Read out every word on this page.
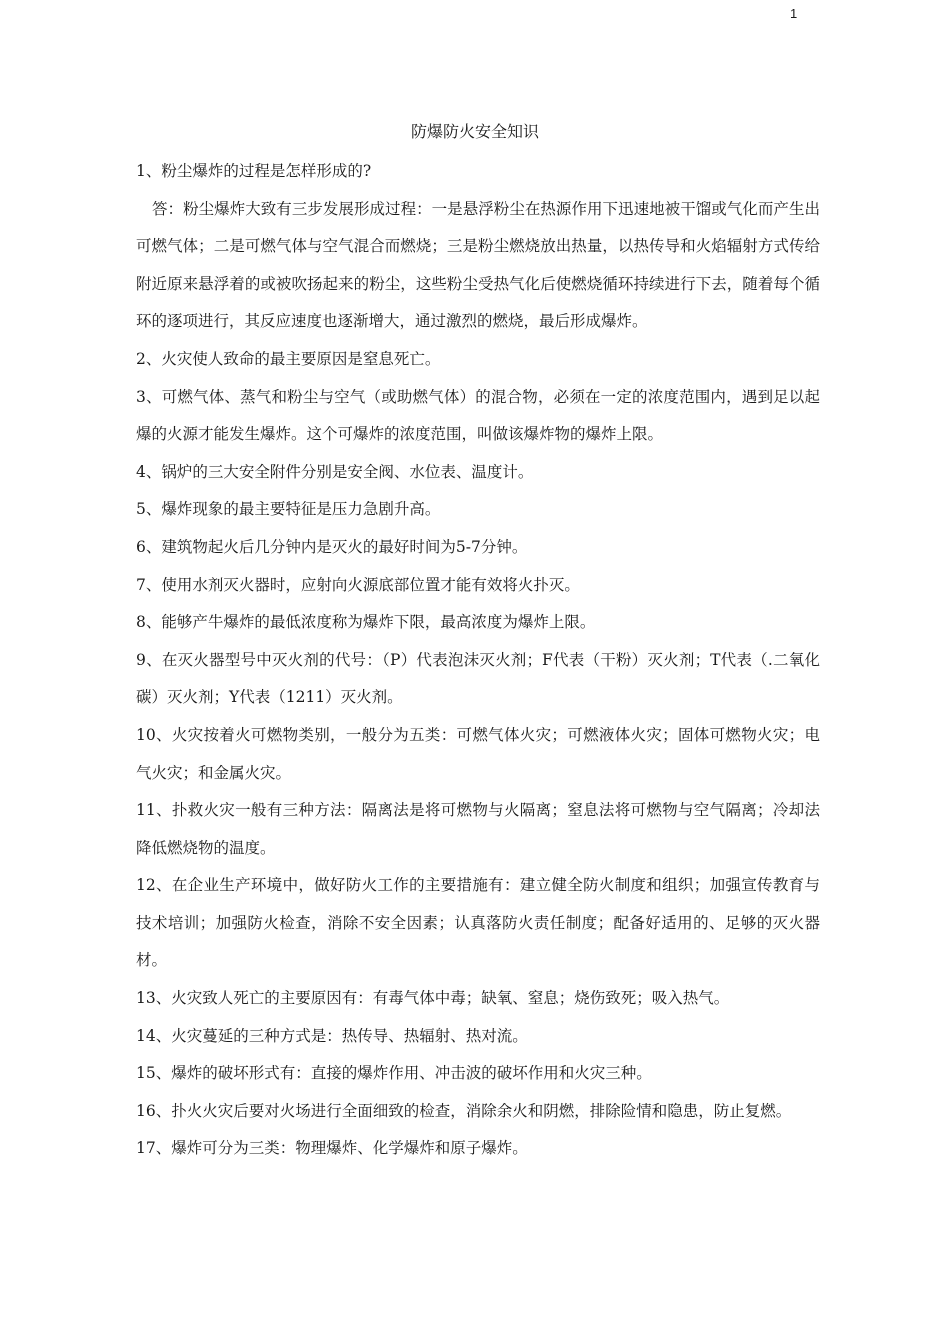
1
防爆防火安全知识

1、粉尘爆炸的过程是怎样形成的?

答：粉尘爆炸大致有三步发展形成过程：一是悬浮粉尘在热源作用下迅速地被干馏或气化而产生出可燃气体；二是可燃气体与空气混合而燃烧；三是粉尘燃烧放出热量，以热传导和火焰辐射方式传给附近原来悬浮着的或被吹扬起来的粉尘，这些粉尘受热气化后使燃烧循环持续进行下去，随着每个循环的逐项进行，其反应速度也逐渐增大，通过激烈的燃烧，最后形成爆炸。

2、火灾使人致命的最主要原因是窒息死亡。

3、可燃气体、蒸气和粉尘与空气（或助燃气体）的混合物，必须在一定的浓度范围内，遇到足以起爆的火源才能发生爆炸。这个可爆炸的浓度范围，叫做该爆炸物的爆炸上限。

4、锅炉的三大安全附件分别是安全阀、水位表、温度计。

5、爆炸现象的最主要特征是压力急剧升高。

6、建筑物起火后几分钟内是灭火的最好时间为5-7分钟。

7、使用水剂灭火器时，应射向火源底部位置才能有效将火扑灭。

8、能够产牛爆炸的最低浓度称为爆炸下限，最高浓度为爆炸上限。

9、在灭火器型号中灭火剂的代号：（P）代表泡沫灭火剂；F代表（干粉）灭火剂；T代表（.二氧化碳）灭火剂；Y代表（1211）灭火剂。

10、火灾按着火可燃物类别，一般分为五类：可燃气体火灾；可燃液体火灾；固体可燃物火灾；电气火灾；和金属火灾。

11、扑救火灾一般有三种方法：隔离法是将可燃物与火隔离；窒息法将可燃物与空气隔离；冷却法降低燃烧物的温度。

12、在企业生产环境中，做好防火工作的主要措施有：建立健全防火制度和组织；加强宣传教育与技术培训；加强防火检查，消除不安全因素；认真落防火责任制度；配备好适用的、足够的灭火器材。

13、火灾致人死亡的主要原因有：有毒气体中毒；缺氧、窒息；烧伤致死；吸入热气。

14、火灾蔓延的三种方式是：热传导、热辐射、热对流。

15、爆炸的破坏形式有：直接的爆炸作用、冲击波的破坏作用和火灾三种。

16、扑火火灾后要对火场进行全面细致的检查，消除余火和阴燃，排除险情和隐患，防止复燃。

17、爆炸可分为三类：物理爆炸、化学爆炸和原子爆炸。
